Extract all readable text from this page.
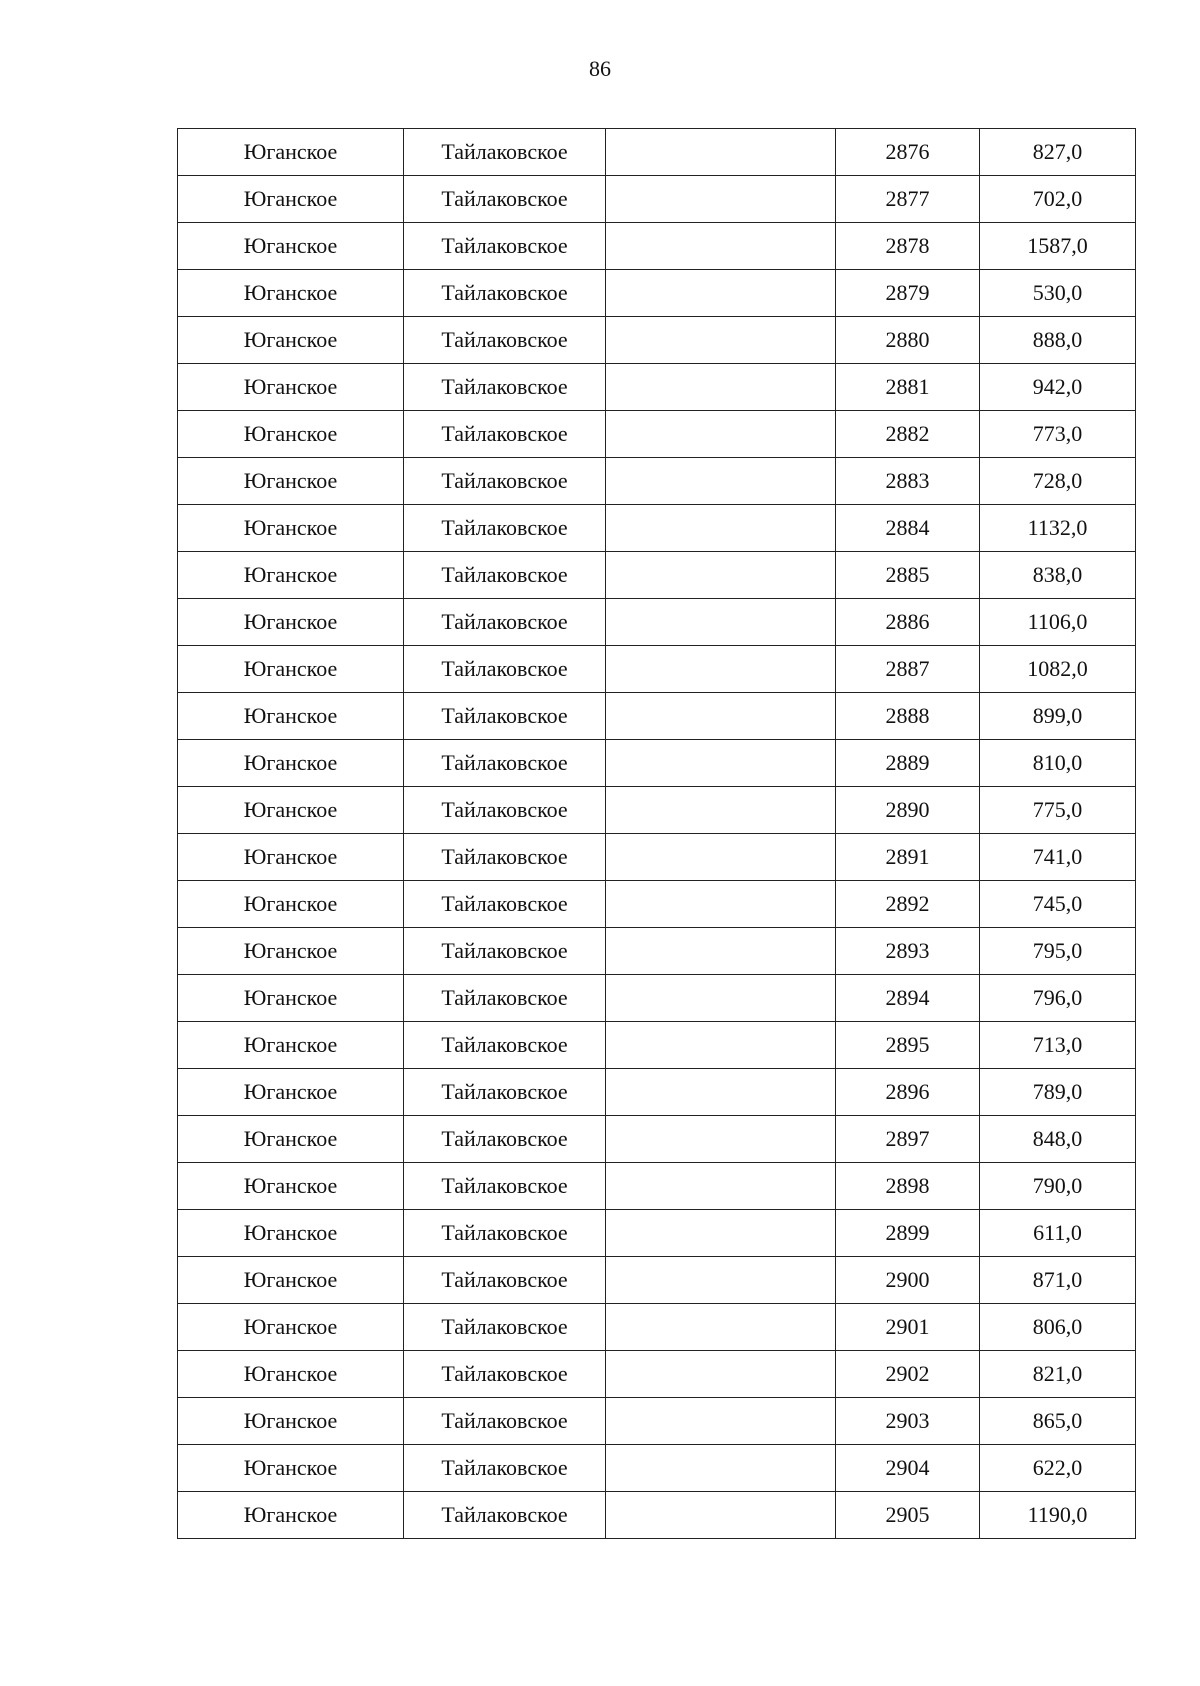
86
Юганское	Тайлаковское		2876	827,0
Юганское	Тайлаковское		2877	702,0
Юганское	Тайлаковское		2878	1587,0
Юганское	Тайлаковское		2879	530,0
Юганское	Тайлаковское		2880	888,0
Юганское	Тайлаковское		2881	942,0
Юганское	Тайлаковское		2882	773,0
Юганское	Тайлаковское		2883	728,0
Юганское	Тайлаковское		2884	1132,0
Юганское	Тайлаковское		2885	838,0
Юганское	Тайлаковское		2886	1106,0
Юганское	Тайлаковское		2887	1082,0
Юганское	Тайлаковское		2888	899,0
Юганское	Тайлаковское		2889	810,0
Юганское	Тайлаковское		2890	775,0
Юганское	Тайлаковское		2891	741,0
Юганское	Тайлаковское		2892	745,0
Юганское	Тайлаковское		2893	795,0
Юганское	Тайлаковское		2894	796,0
Юганское	Тайлаковское		2895	713,0
Юганское	Тайлаковское		2896	789,0
Юганское	Тайлаковское		2897	848,0
Юганское	Тайлаковское		2898	790,0
Юганское	Тайлаковское		2899	611,0
Юганское	Тайлаковское		2900	871,0
Юганское	Тайлаковское		2901	806,0
Юганское	Тайлаковское		2902	821,0
Юганское	Тайлаковское		2903	865,0
Юганское	Тайлаковское		2904	622,0
Юганское	Тайлаковское		2905	1190,0
